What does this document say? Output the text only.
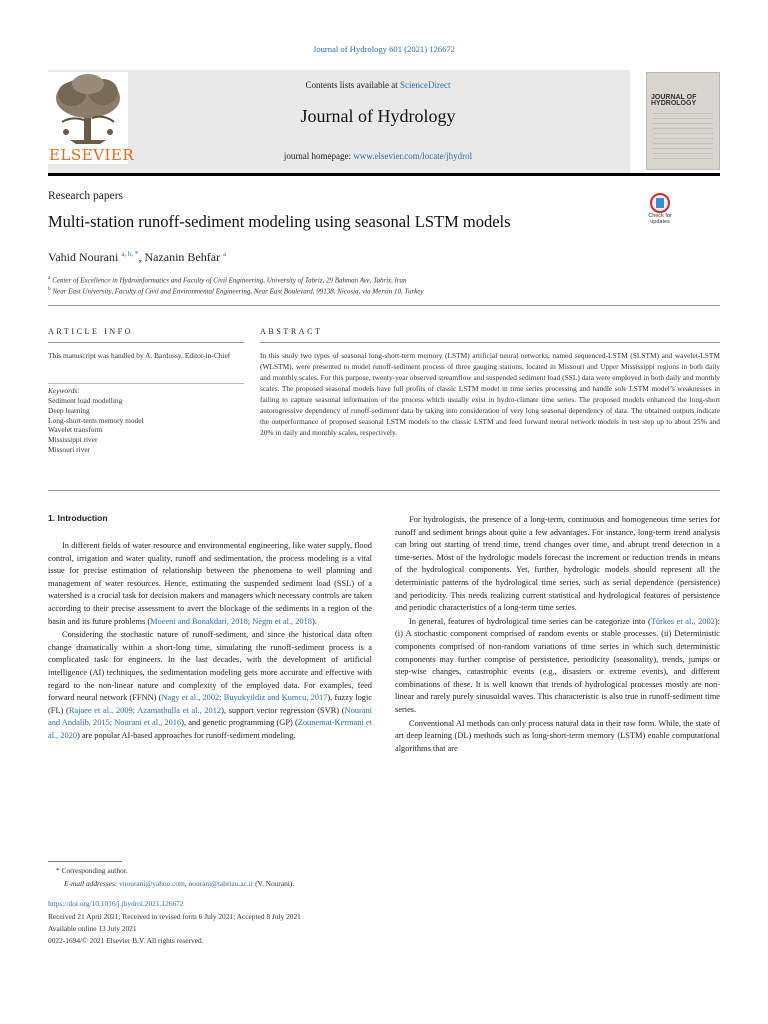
Journal of Hydrology 601 (2021) 126672
ELSEVIER
Contents lists available at ScienceDirect
Journal of Hydrology
journal homepage: www.elsevier.com/locate/jhydrol
JOURNAL OF HYDROLOGY
Research papers
Multi-station runoff-sediment modeling using seasonal LSTM models	Check for updates
Vahid Nourani $^{a, b, *}$, Nazanin Behfar $^a$
$^a$ Center of Excellence in Hydroinformatics and Faculty of Civil Engineering, University of Tabriz, 29 Bahman Ave, Tabriz, Iran
$^b$ Near East University, Faculty of Civil and Environmental Engineering, Near East Boulevard, 99138, Nicosia, via Mersin 10, Turkey
ARTICLE INFO	ABSTRACT
This manuscript was handled by A. Bardossy, Editor-in-Chief
Keywords:
Sediment load modelling
Deep learning
Long-short-term memory model
Wavelet transform
Mississippi river
Missouri river
In this study two types of seasonal long-short-term memory (LSTM) artificial neural networks, named sequenced-LSTM (SLSTM) and wavelet-LSTM (WLSTM), were presented to model runoff-sediment process of three gauging stations, located in Missouri and Upper Mississippi regions in both daily and monthly scales. For this purpose, twenty-year observed streamflow and suspended sediment load (SSL) data were employed in both daily and monthly scales. The proposed seasonal models have full profits of classic LSTM model in time series processing and handle sole LSTM model’s weaknesses in failing to capture seasonal information of the process which usually exist in hydro-climate time series. The proposed models enhanced the long-short autoregressive dependency of runoff-sediment data by taking into consideration of very long seasonal dependency of data. The obtained outputs indicate the outperformance of proposed seasonal LSTM models to the classic LSTM and feed forward neural network models in test step up to about 25% and 20% in daily and monthly scales, respectively.
1. Introduction

In different fields of water resource and environmental engineering, like water supply, flood control, irrigation and water quality, runoff and sedimentation, the process modeling is a vital issue for precise estimation of relationship between the phenomena to well planning and management of water resources. Hence, estimating the suspended sediment load (SSL) of a watershed is a crucial task for decision makers and managers which necessary controls are taken according to their precise assessment to avert the blockage of the sediments in a region of the basin and its future problems (Moeeni and Bonakdari, 2018; Negm et al., 2018).

Considering the stochastic nature of runoff-sediment, and since the historical data often change dramatically within a short-long time, simulating the runoff-sediment process is a complicated task for engineers. In the last decades, with the development of artificial intelligence (AI) techniques, the sedimentation modeling gets more accurate and effective with regard to the non-linear nature and complexity of the employed data. For examples, feed forward neural network (FFNN) (Nagy et al., 2002; Buyukyildiz and Kumcu, 2017), fuzzy logic (FL) (Rajaee et al., 2009; Azamathulla et al., 2012), support vector regression (SVR) (Nourani and Andalib, 2015; Nourani et al., 2016), and genetic programming (GP) (Zounemat-Kermani et al., 2020) are popular AI-based approaches for runoff-sediment modeling.

For hydrologists, the presence of a long-term, continuous and homogeneous time series for runoff and sediment brings about quite a few advantages. For instance, long-term trend analysis can bring out starting of trend time, trend changes over time, and abrupt trend detection in a time-series. Most of the hydrologic models forecast the increment or reduction trends in means of the hydrological components. Yet, further, hydrologic models should represent all the deterministic patterns of the hydrological time series, such as serial dependence (persistence) and periodicity. This needs realizing current statistical and hydrological features of persistence and periodic characteristics of a long-term time series.

In general, features of hydrological time series can be categorize into (Türkes et al., 2002): (i) A stochastic component comprised of random events or stable processes. (ii) Deterministic components comprised of non-random variations of time series in which such deterministic components may further comprise of persistence, periodicity (seasonality), trends, jumps or step-wise changes, catastrophic events (e.g., disasters or extreme events), and different combinations of these. It is well known that trends of hydrological processes mostly are non-linear and rarely purely sinusoidal waves. This characteristic is also true in runoff-sediment time series.

Conventional AI methods can only process natural data in their raw form. While, the state of art deep learning (DL) methods such as long-short-term memory (LSTM) enable computational algorithms that are

* Corresponding author.
E-mail addresses: vnourani@yahoo.com, nourani@tabrizu.ac.ir (V. Nourani).
https://doi.org/10.1016/j.jhydrol.2021.126672
Received 21 April 2021; Received in revised form 6 July 2021; Accepted 8 July 2021
Available online 13 July 2021
0022-1694/© 2021 Elsevier B.V. All rights reserved.
